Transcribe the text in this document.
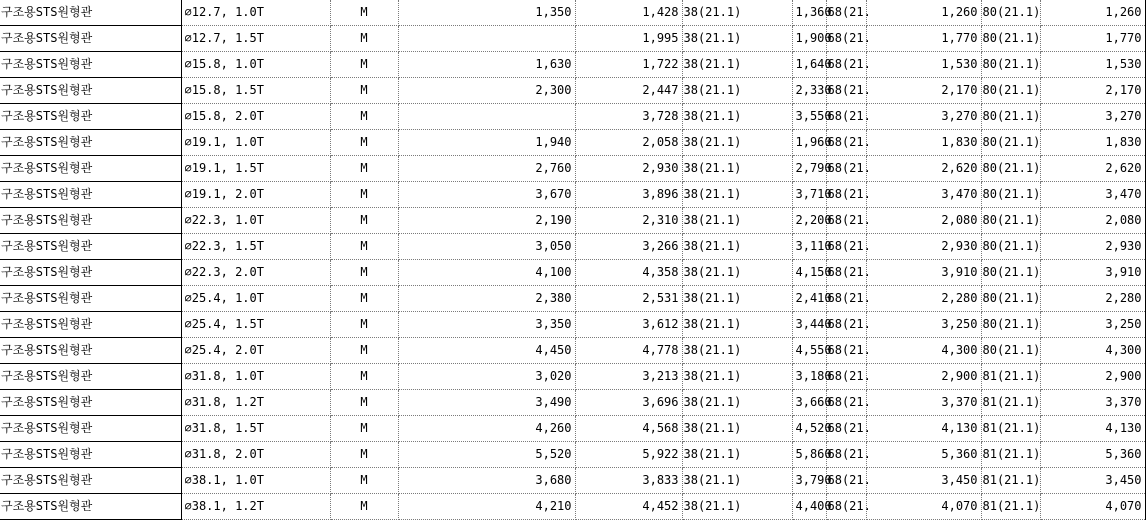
구조용STS원형관	⌀12.7, 1.0T	M	1,350	1,428	38(21.1)	1,360	68(21.	1,260	80(21.1)	1,260
구조용STS원형관	⌀12.7, 1.5T	M		1,995	38(21.1)	1,900	68(21.	1,770	80(21.1)	1,770
구조용STS원형관	⌀15.8, 1.0T	M	1,630	1,722	38(21.1)	1,640	68(21.	1,530	80(21.1)	1,530
구조용STS원형관	⌀15.8, 1.5T	M	2,300	2,447	38(21.1)	2,330	68(21.	2,170	80(21.1)	2,170
구조용STS원형관	⌀15.8, 2.0T	M		3,728	38(21.1)	3,550	68(21.	3,270	80(21.1)	3,270
구조용STS원형관	⌀19.1, 1.0T	M	1,940	2,058	38(21.1)	1,960	68(21.	1,830	80(21.1)	1,830
구조용STS원형관	⌀19.1, 1.5T	M	2,760	2,930	38(21.1)	2,790	68(21.	2,620	80(21.1)	2,620
구조용STS원형관	⌀19.1, 2.0T	M	3,670	3,896	38(21.1)	3,710	68(21.	3,470	80(21.1)	3,470
구조용STS원형관	⌀22.3, 1.0T	M	2,190	2,310	38(21.1)	2,200	68(21.	2,080	80(21.1)	2,080
구조용STS원형관	⌀22.3, 1.5T	M	3,050	3,266	38(21.1)	3,110	68(21.	2,930	80(21.1)	2,930
구조용STS원형관	⌀22.3, 2.0T	M	4,100	4,358	38(21.1)	4,150	68(21.	3,910	80(21.1)	3,910
구조용STS원형관	⌀25.4, 1.0T	M	2,380	2,531	38(21.1)	2,410	68(21.	2,280	80(21.1)	2,280
구조용STS원형관	⌀25.4, 1.5T	M	3,350	3,612	38(21.1)	3,440	68(21.	3,250	80(21.1)	3,250
구조용STS원형관	⌀25.4, 2.0T	M	4,450	4,778	38(21.1)	4,550	68(21.	4,300	80(21.1)	4,300
구조용STS원형관	⌀31.8, 1.0T	M	3,020	3,213	38(21.1)	3,180	68(21.	2,900	81(21.1)	2,900
구조용STS원형관	⌀31.8, 1.2T	M	3,490	3,696	38(21.1)	3,660	68(21.	3,370	81(21.1)	3,370
구조용STS원형관	⌀31.8, 1.5T	M	4,260	4,568	38(21.1)	4,520	68(21.	4,130	81(21.1)	4,130
구조용STS원형관	⌀31.8, 2.0T	M	5,520	5,922	38(21.1)	5,860	68(21.	5,360	81(21.1)	5,360
구조용STS원형관	⌀38.1, 1.0T	M	3,680	3,833	38(21.1)	3,790	68(21.	3,450	81(21.1)	3,450
구조용STS원형관	⌀38.1, 1.2T	M	4,210	4,452	38(21.1)	4,400	68(21.	4,070	81(21.1)	4,070
